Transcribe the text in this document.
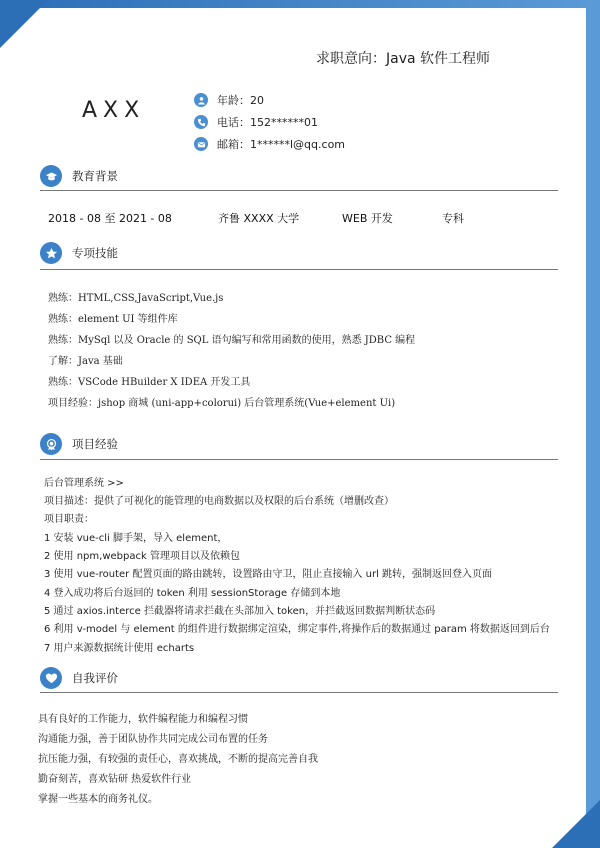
求职意向：Java 软件工程师
AXX	年龄：20
电话：152******01
邮箱：1******l@qq.com
教育背景
2018 - 08 至 2021 - 08	齐鲁 XXXX 大学	WEB 开发	专科
专项技能
熟练：HTML,CSS,JavaScript,Vue.js
熟练：element UI 等组件库
熟练：MySql 以及 Oracle 的 SQL 语句编写和常用函数的使用，熟悉 JDBC 编程
了解：Java 基础
熟练：VSCode HBuilder X IDEA 开发工具
项目经验：jshop 商城 (uni-app+colorui) 后台管理系统(Vue+element Ui)
项目经验
后台管理系统 >>
项目描述：提供了可视化的能管理的电商数据以及权限的后台系统（增删改查）
项目职责：
1 安装 vue-cli 脚手架，导入 element，
2 使用 npm,webpack 管理项目以及依赖包
3 使用 vue-router 配置页面的路由跳转，设置路由守卫，阻止直接输入 url 跳转，强制返回登入页面
4 登入成功将后台返回的 token 利用 sessionStorage 存储到本地
5 通过 axios.interce 拦截器将请求拦截在头部加入 token，并拦截返回数据判断状态码
6 利用 v-model 与 element 的组件进行数据绑定渲染，绑定事件,将操作后的数据通过 param 将数据返回到后台
7 用户来源数据统计使用 echarts
自我评价
具有良好的工作能力，软件编程能力和编程习惯
沟通能力强，善于团队协作共同完成公司布置的任务
抗压能力强，有较强的责任心，喜欢挑战，不断的提高完善自我
勤奋刻苦，喜欢钻研 热爱软件行业
掌握一些基本的商务礼仪。
